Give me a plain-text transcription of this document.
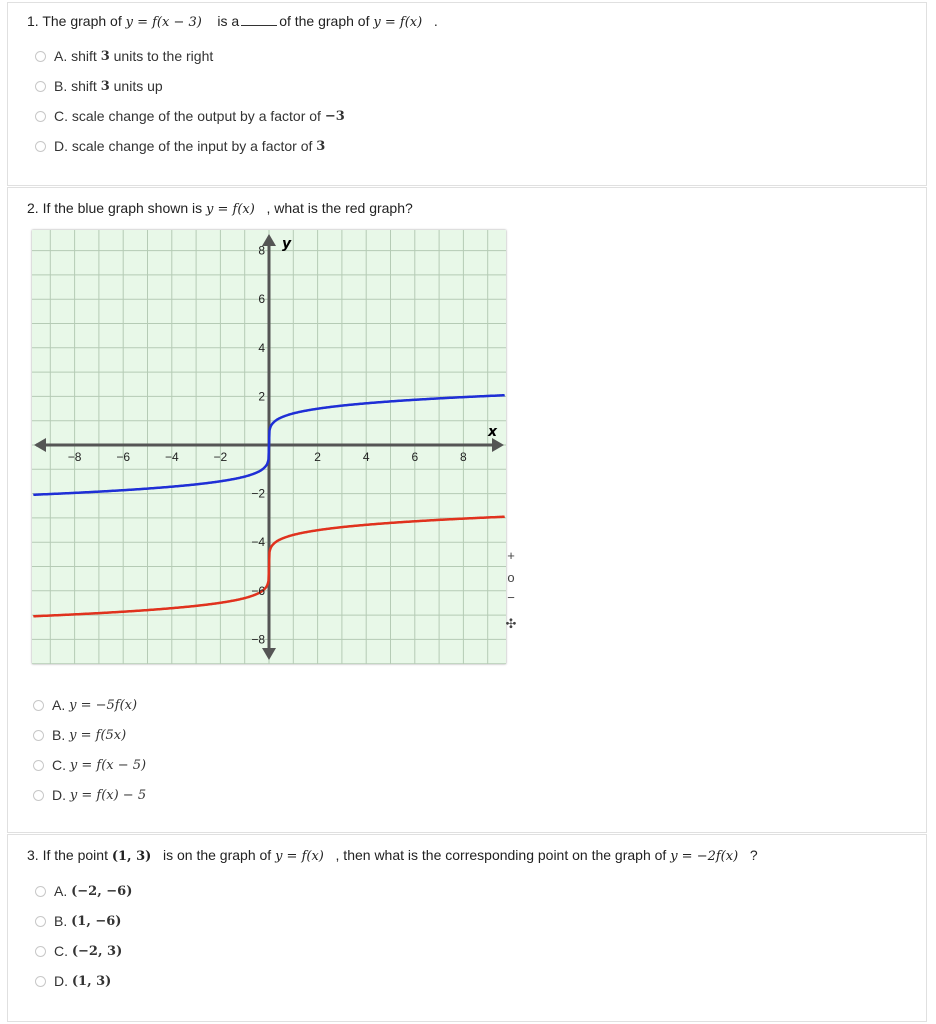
1. The graph of y = f(x − 3) is a	of the graph of y = f(x) .
A.
shift
3
units to the right
B.
shift
3
units up
C.
scale change of the output by a factor of
−3
D.
scale change of the input by a factor of
3
2. If the blue graph shown is y = f(x) , what is the red graph?
−8	−6	−4	−2	2	4	6	8
8
6
4
2
−2
−4
−6
−8
x
y
+
o
−
✣
A.
y = −5f(x)
B.
y = f(5x)
C.
y = f(x − 5)
D.
y = f(x) − 5
3. If the point (1, 3) is on the graph of y = f(x) , then what is the corresponding point on the graph of y = −2f(x) ?
A.
(−2, −6)
B.
(1, −6)
C.
(−2, 3)
D.
(1, 3)
